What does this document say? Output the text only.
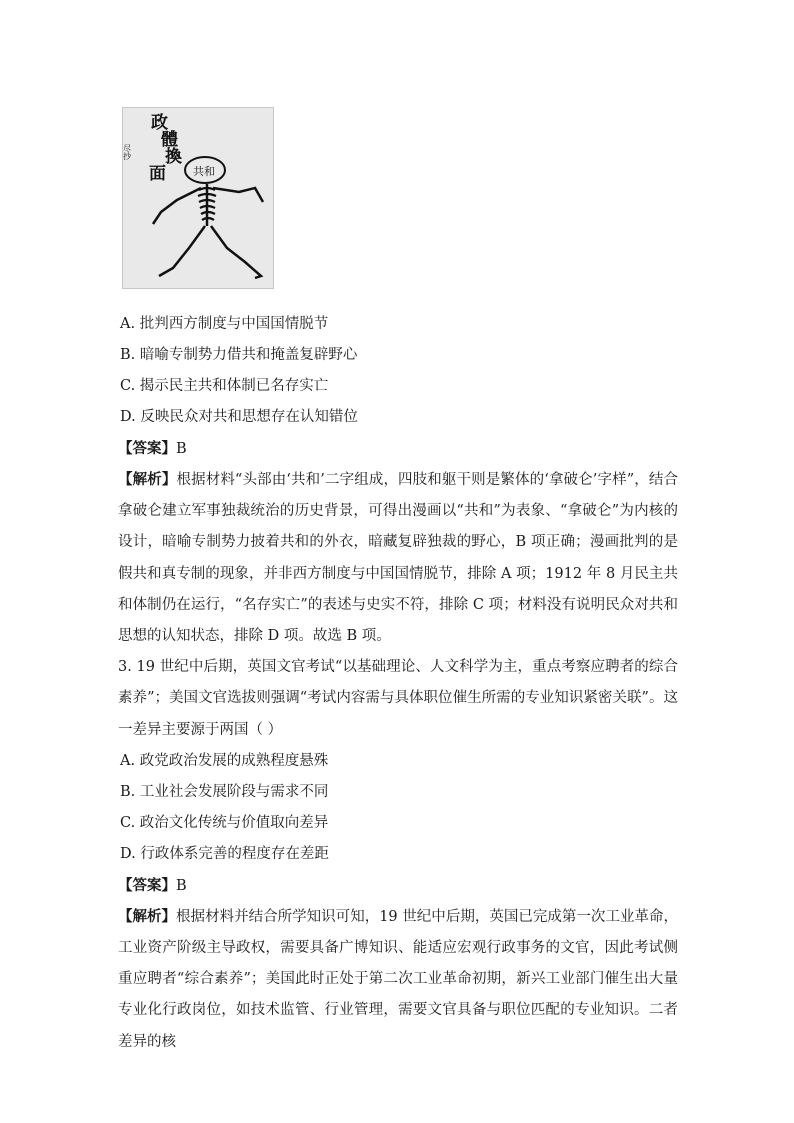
政
體
換
面
尽抄
共和
A. 批判西方制度与中国国情脱节
B. 暗喻专制势力借共和掩盖复辟野心
C. 揭示民主共和体制已名存实亡
D. 反映民众对共和思想存在认知错位
【答案】B
【解析】根据材料“头部由‘共和’二字组成，四肢和躯干则是繁体的‘拿破仑’字样”，结合拿破仑建立军事独裁统治的历史背景，可得出漫画以“共和”为表象、“拿破仑”为内核的设计，暗喻专制势力披着共和的外衣，暗藏复辟独裁的野心，B 项正确；漫画批判的是假共和真专制的现象，并非西方制度与中国国情脱节，排除 A 项；1912 年 8 月民主共和体制仍在运行，“名存实亡”的表述与史实不符，排除 C 项；材料没有说明民众对共和思想的认知状态，排除 D 项。故选 B 项。
3. 19 世纪中后期，英国文官考试“以基础理论、人文科学为主，重点考察应聘者的综合素养”；美国文官选拔则强调“考试内容需与具体职位催生所需的专业知识紧密关联”。这一差异主要源于两国（ ）
A. 政党政治发展的成熟程度悬殊
B. 工业社会发展阶段与需求不同
C. 政治文化传统与价值取向差异
D. 行政体系完善的程度存在差距
【答案】B
【解析】根据材料并结合所学知识可知，19 世纪中后期，英国已完成第一次工业革命，工业资产阶级主导政权，需要具备广博知识、能适应宏观行政事务的文官，因此考试侧重应聘者“综合素养”；美国此时正处于第二次工业革命初期，新兴工业部门催生出大量专业化行政岗位，如技术监管、行业管理，需要文官具备与职位匹配的专业知识。二者差异的核
